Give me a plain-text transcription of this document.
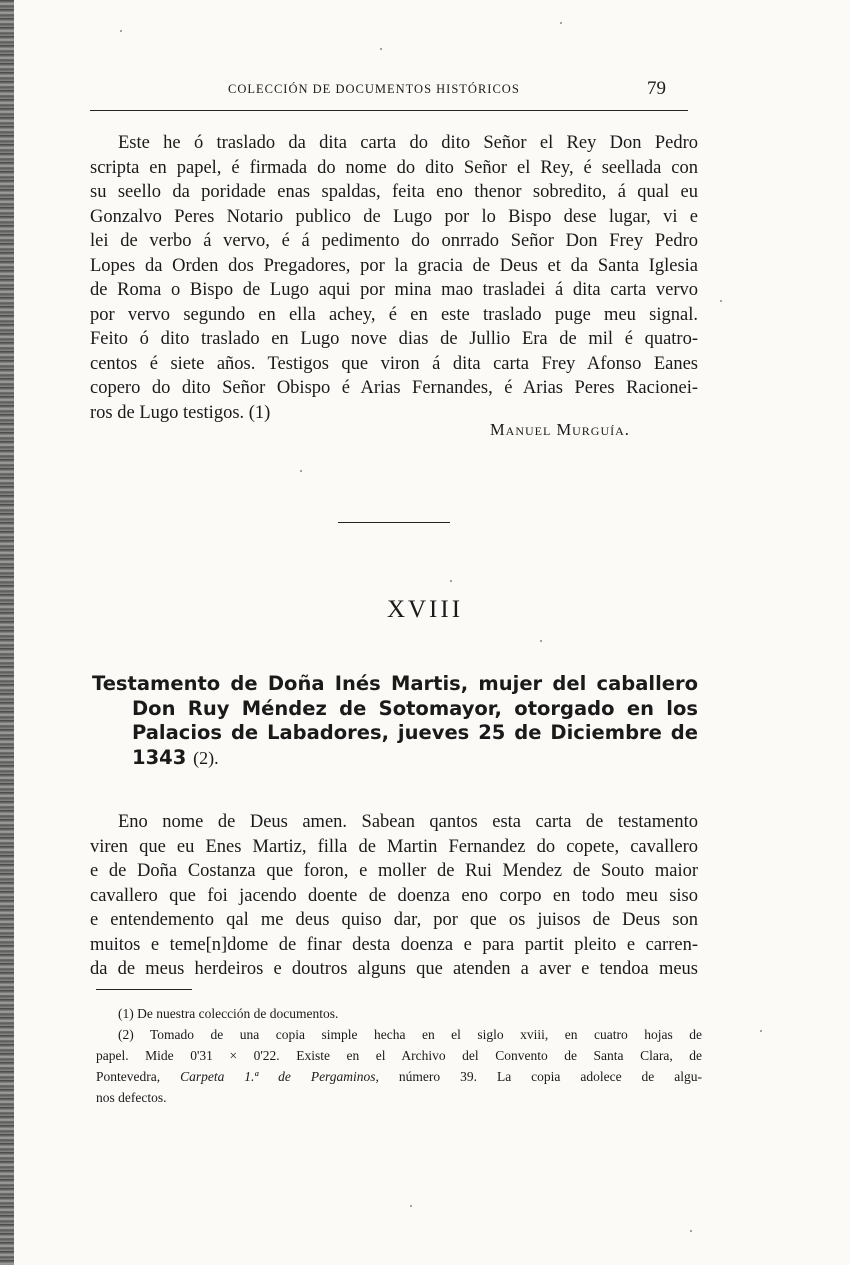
COLECCIÓN DE DOCUMENTOS HISTÓRICOS	79
Este he ó traslado da dita carta do dito Señor el Rey Don Pedro
scripta en papel, é firmada do nome do dito Señor el Rey, é seellada con
su seello da poridade enas spaldas, feita eno thenor sobredito, á qual eu
Gonzalvo Peres Notario publico de Lugo por lo Bispo dese lugar, vi e
lei de verbo á vervo, é á pedimento do onrrado Señor Don Frey Pedro
Lopes da Orden dos Pregadores, por la gracia de Deus et da Santa Iglesia
de Roma o Bispo de Lugo aqui por mina mao trasladei á dita carta vervo
por vervo segundo en ella achey, é en este traslado puge meu signal.
Feito ó dito traslado en Lugo nove dias de Jullio Era de mil é quatro-
centos é siete años. Testigos que viron á dita carta Frey Afonso Eanes
copero do dito Señor Obispo é Arias Fernandes, é Arias Peres Racionei-
ros de Lugo testigos. (1)
Manuel Murguía.
XVIII
Testamento de Doña Inés Martis, mujer del caballero
Don Ruy Méndez de Sotomayor, otorgado en los
Palacios de Labadores, jueves 25 de Diciembre de
1343 (2).
Eno nome de Deus amen. Sabean qantos esta carta de testamento
viren que eu Enes Martiz, filla de Martin Fernandez do copete, cavallero
e de Doña Costanza que foron, e moller de Rui Mendez de Souto maior
cavallero que foi jacendo doente de doenza eno corpo en todo meu siso
e entendemento qal me deus quiso dar, por que os juisos de Deus son
muitos e teme[n]dome de finar desta doenza e para partit pleito e carren-
da de meus herdeiros e doutros alguns que atenden a aver e tendoa meus
(1) De nuestra colección de documentos.
(2) Tomado de una copia simple hecha en el siglo xviii, en cuatro hojas de
papel. Mide 0'31 × 0'22. Existe en el Archivo del Convento de Santa Clara, de
Pontevedra, Carpeta 1.ª de Pergaminos, número 39. La copia adolece de algu-
nos defectos.
